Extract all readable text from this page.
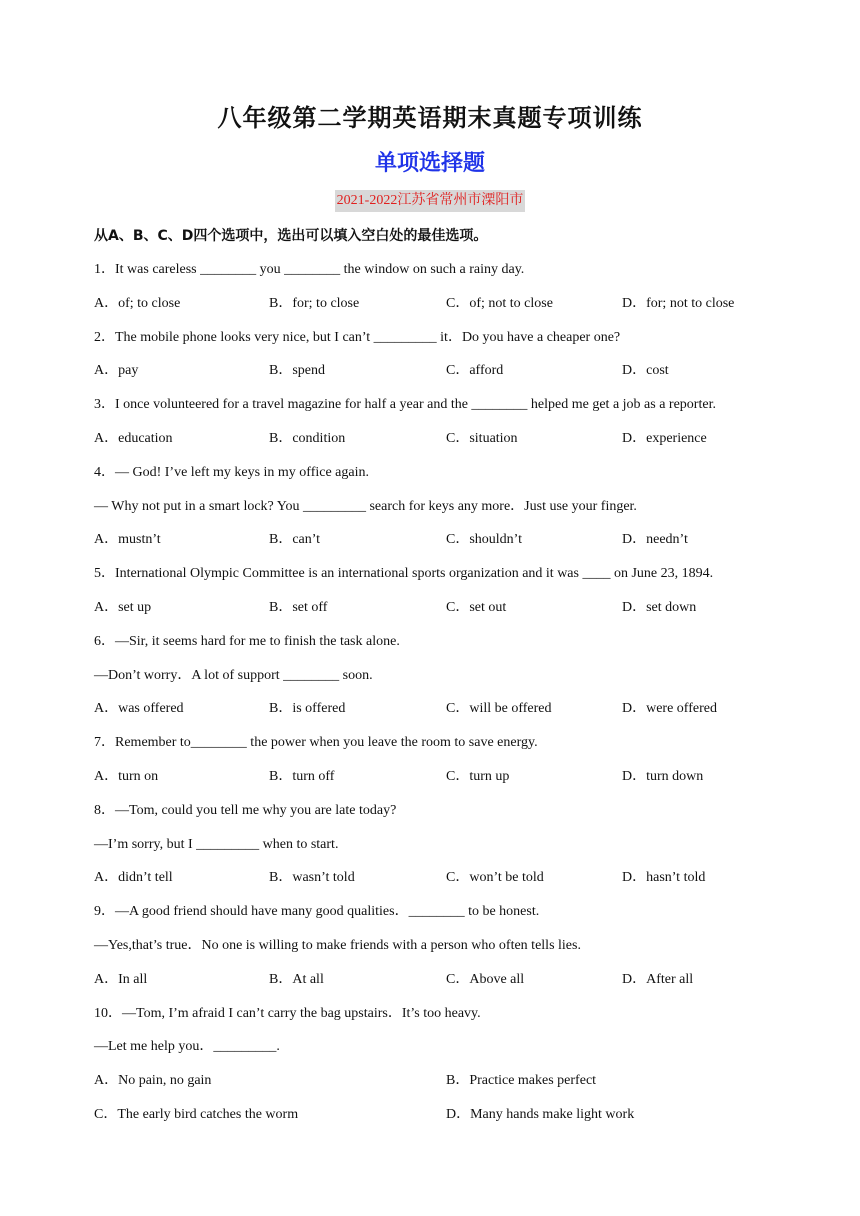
八年级第二学期英语期末真题专项训练
单项选择题
2021-2022江苏省常州市溧阳市
从A、B、C、D四个选项中，选出可以填入空白处的最佳选项。
1．It was careless ________ you ________ the window on such a rainy day.
A．of; to close	B．for; to close	C．of; not to close	D．for; not to close
2．The mobile phone looks very nice, but I can’t _________ it．Do you have a cheaper one?
A．pay	B．spend	C．afford	D．cost
3．I once volunteered for a travel magazine for half a year and the ________ helped me get a job as a reporter.
A．education	B．condition	C．situation	D．experience
4．— God! I’ve left my keys in my office again.
— Why not put in a smart lock? You _________ search for keys any more．Just use your finger.
A．mustn’t	B．can’t	C．shouldn’t	D．needn’t
5．International Olympic Committee is an international sports organization and it was ____ on June 23, 1894.
A．set up	B．set off	C．set out	D．set down
6．—Sir, it seems hard for me to finish the task alone.
—Don’t worry．A lot of support ________ soon.
A．was offered	B．is offered	C．will be offered	D．were offered
7．Remember to________ the power when you leave the room to save energy.
A．turn on	B．turn off	C．turn up	D．turn down
8．—Tom, could you tell me why you are late today?
—I’m sorry, but I _________ when to start.
A．didn’t tell	B．wasn’t told	C．won’t be told	D．hasn’t told
9．—A good friend should have many good qualities．________ to be honest.
—Yes,that’s true．No one is willing to make friends with a person who often tells lies.
A．In all	B．At all	C．Above all	D．After all
10．—Tom, I’m afraid I can’t carry the bag upstairs．It’s too heavy.
—Let me help you．_________.
A．No pain, no gain	B．Practice makes perfect
C．The early bird catches the worm	D．Many hands make light work
